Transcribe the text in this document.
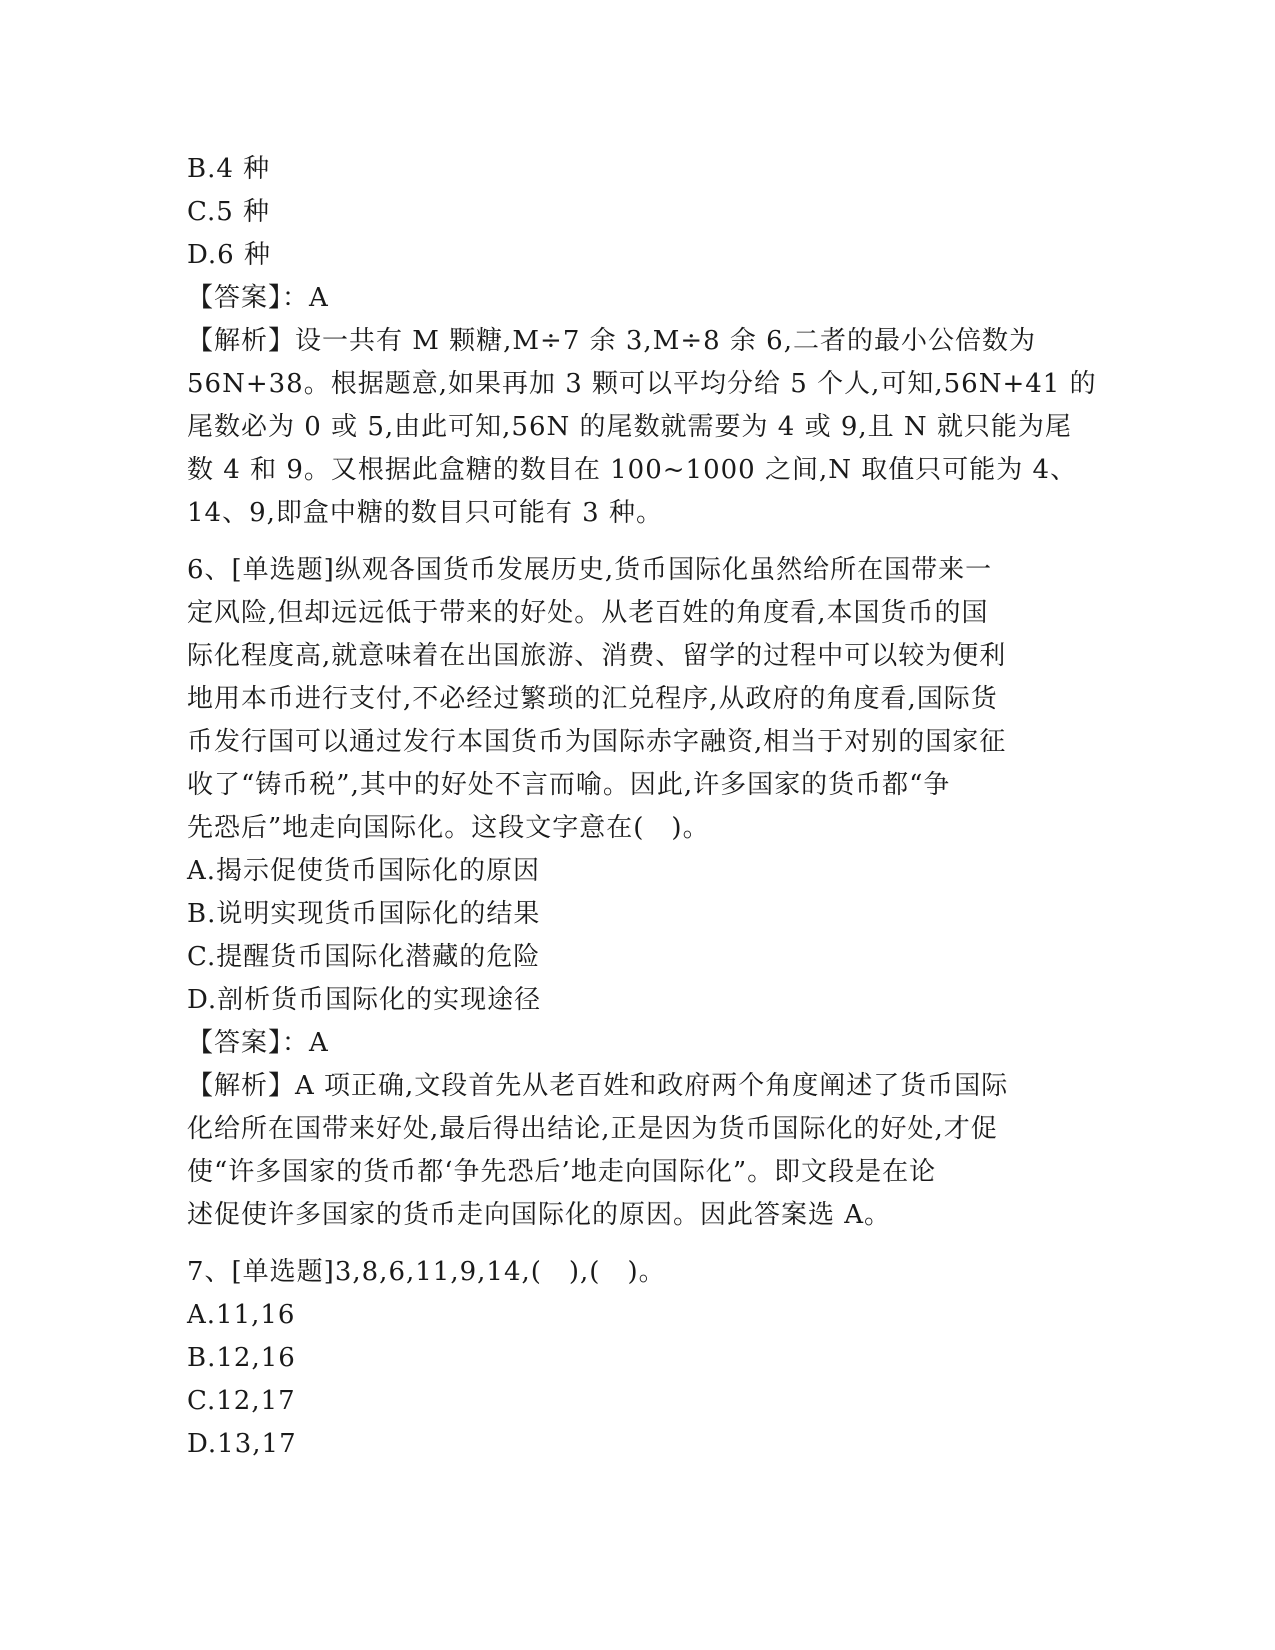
B.4 种
C.5 种
D.6 种
【答案】：A
【解析】设一共有 M 颗糖,M÷7 余 3,M÷8 余 6,二者的最小公倍数为
56N+38。根据题意,如果再加 3 颗可以平均分给 5 个人,可知,56N+41 的
尾数必为 0 或 5,由此可知,56N 的尾数就需要为 4 或 9,且 N 就只能为尾
数 4 和 9。又根据此盒糖的数目在 100~1000 之间,N 取值只可能为 4、
14、9,即盒中糖的数目只可能有 3 种。
6、[单选题]纵观各国货币发展历史,货币国际化虽然给所在国带来一
定风险,但却远远低于带来的好处。从老百姓的角度看,本国货币的国
际化程度高,就意味着在出国旅游、消费、留学的过程中可以较为便利
地用本币进行支付,不必经过繁琐的汇兑程序,从政府的角度看,国际货
币发行国可以通过发行本国货币为国际赤字融资,相当于对别的国家征
收了“铸币税”,其中的好处不言而喻。因此,许多国家的货币都“争
先恐后”地走向国际化。这段文字意在(　)。
A.揭示促使货币国际化的原因
B.说明实现货币国际化的结果
C.提醒货币国际化潜藏的危险
D.剖析货币国际化的实现途径
【答案】：A
【解析】A 项正确,文段首先从老百姓和政府两个角度阐述了货币国际
化给所在国带来好处,最后得出结论,正是因为货币国际化的好处,才促
使“许多国家的货币都‘争先恐后’地走向国际化”。即文段是在论
述促使许多国家的货币走向国际化的原因。因此答案选 A。
7、[单选题]3,8,6,11,9,14,(　),(　)。
A.11,16
B.12,16
C.12,17
D.13,17
